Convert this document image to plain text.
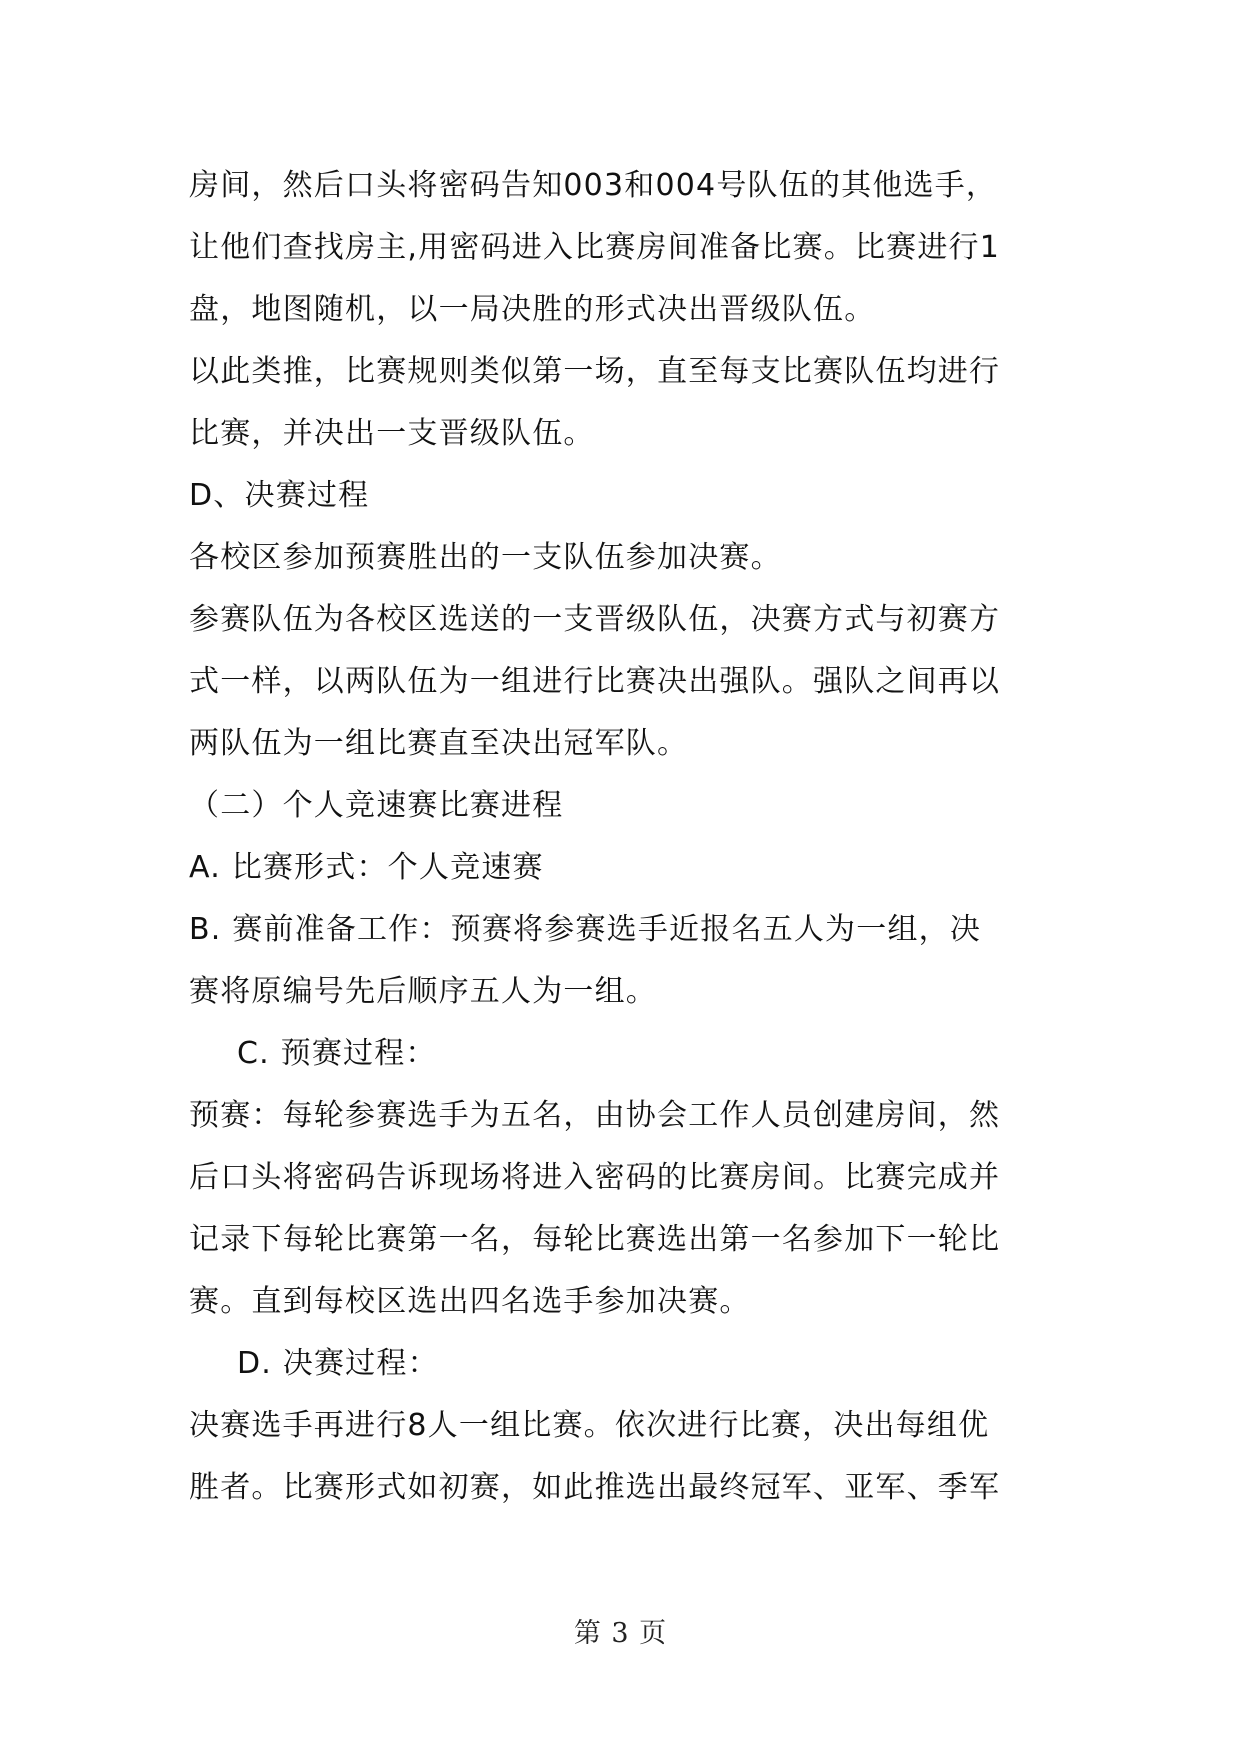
房间，然后口头将密码告知003和004号队伍的其他选手，
让他们查找房主,用密码进入比赛房间准备比赛。比赛进行1
盘，地图随机，以一局决胜的形式决出晋级队伍。
以此类推，比赛规则类似第一场，直至每支比赛队伍均进行
比赛，并决出一支晋级队伍。
D、决赛过程
各校区参加预赛胜出的一支队伍参加决赛。
参赛队伍为各校区选送的一支晋级队伍，决赛方式与初赛方
式一样，以两队伍为一组进行比赛决出强队。强队之间再以
两队伍为一组比赛直至决出冠军队。
（二）个人竞速赛比赛进程
A. 比赛形式：个人竞速赛
B. 赛前准备工作：预赛将参赛选手近报名五人为一组，决
赛将原编号先后顺序五人为一组。
C. 预赛过程：
预赛：每轮参赛选手为五名，由协会工作人员创建房间，然
后口头将密码告诉现场将进入密码的比赛房间。比赛完成并
记录下每轮比赛第一名，每轮比赛选出第一名参加下一轮比
赛。直到每校区选出四名选手参加决赛。
D. 决赛过程：
决赛选手再进行8人一组比赛。依次进行比赛，决出每组优
胜者。比赛形式如初赛，如此推选出最终冠军、亚军、季军
第 3 页
